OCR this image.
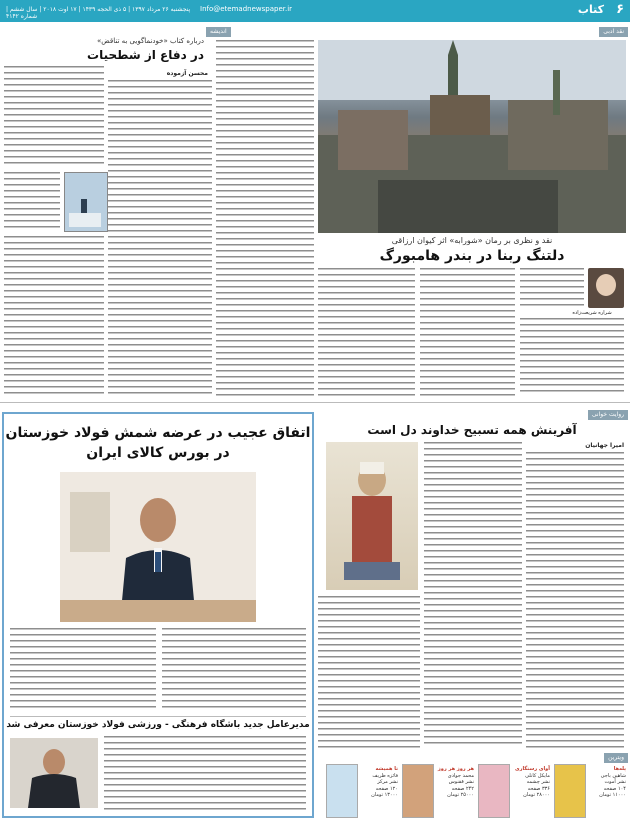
۶
کتاب
Info@etemadnewspaper.ir
پنجشنبه ۲۶ مرداد ۱۳۹۷ | ۵ ذی الحجه ۱۴۳۹ | ۱۷ اوت ۲۰۱۸ | سال ششم | شماره ۴۱۴۲
نقد ادبی
اندیشه
نقد و نظری بر رمان «شورابه» اثر کیوان ارزاقی
دلتنگ ربنا در بندر هامبورگ
شراره شریعت‌زاده
درباره کتاب «خودنماگویی به تناقض»
در دفاع از شطحیات
محسن آزموده
روایت خوانی
آفرینش همه تسبیح خداوند دل است
امیرا جهانیان
ویترین
پله‌ها
شاهین باجی
نشر آموت
۱۰۴ صفحه
۱۱۰۰۰ تومان
آوای رستگاری
مایکل کانلی
نشر چشمه
۳۳۶ صفحه
۲۸۰۰۰ تومان
هر روز هر روز
محمد جوادی
نشر ققنوس
۲۴۲ صفحه
۲۵۰۰۰ تومان
تا همیشه
فائزه ظریف
نشر مرکز
۱۲۰ صفحه
۱۳۰۰۰ تومان
اتفاق عجیب در عرضه شمش فولاد خوزستان
در بورس کالای ایران
مدیرعامل جدید باشگاه فرهنگی - ورزشی فولاد خوزستان معرفی شد
